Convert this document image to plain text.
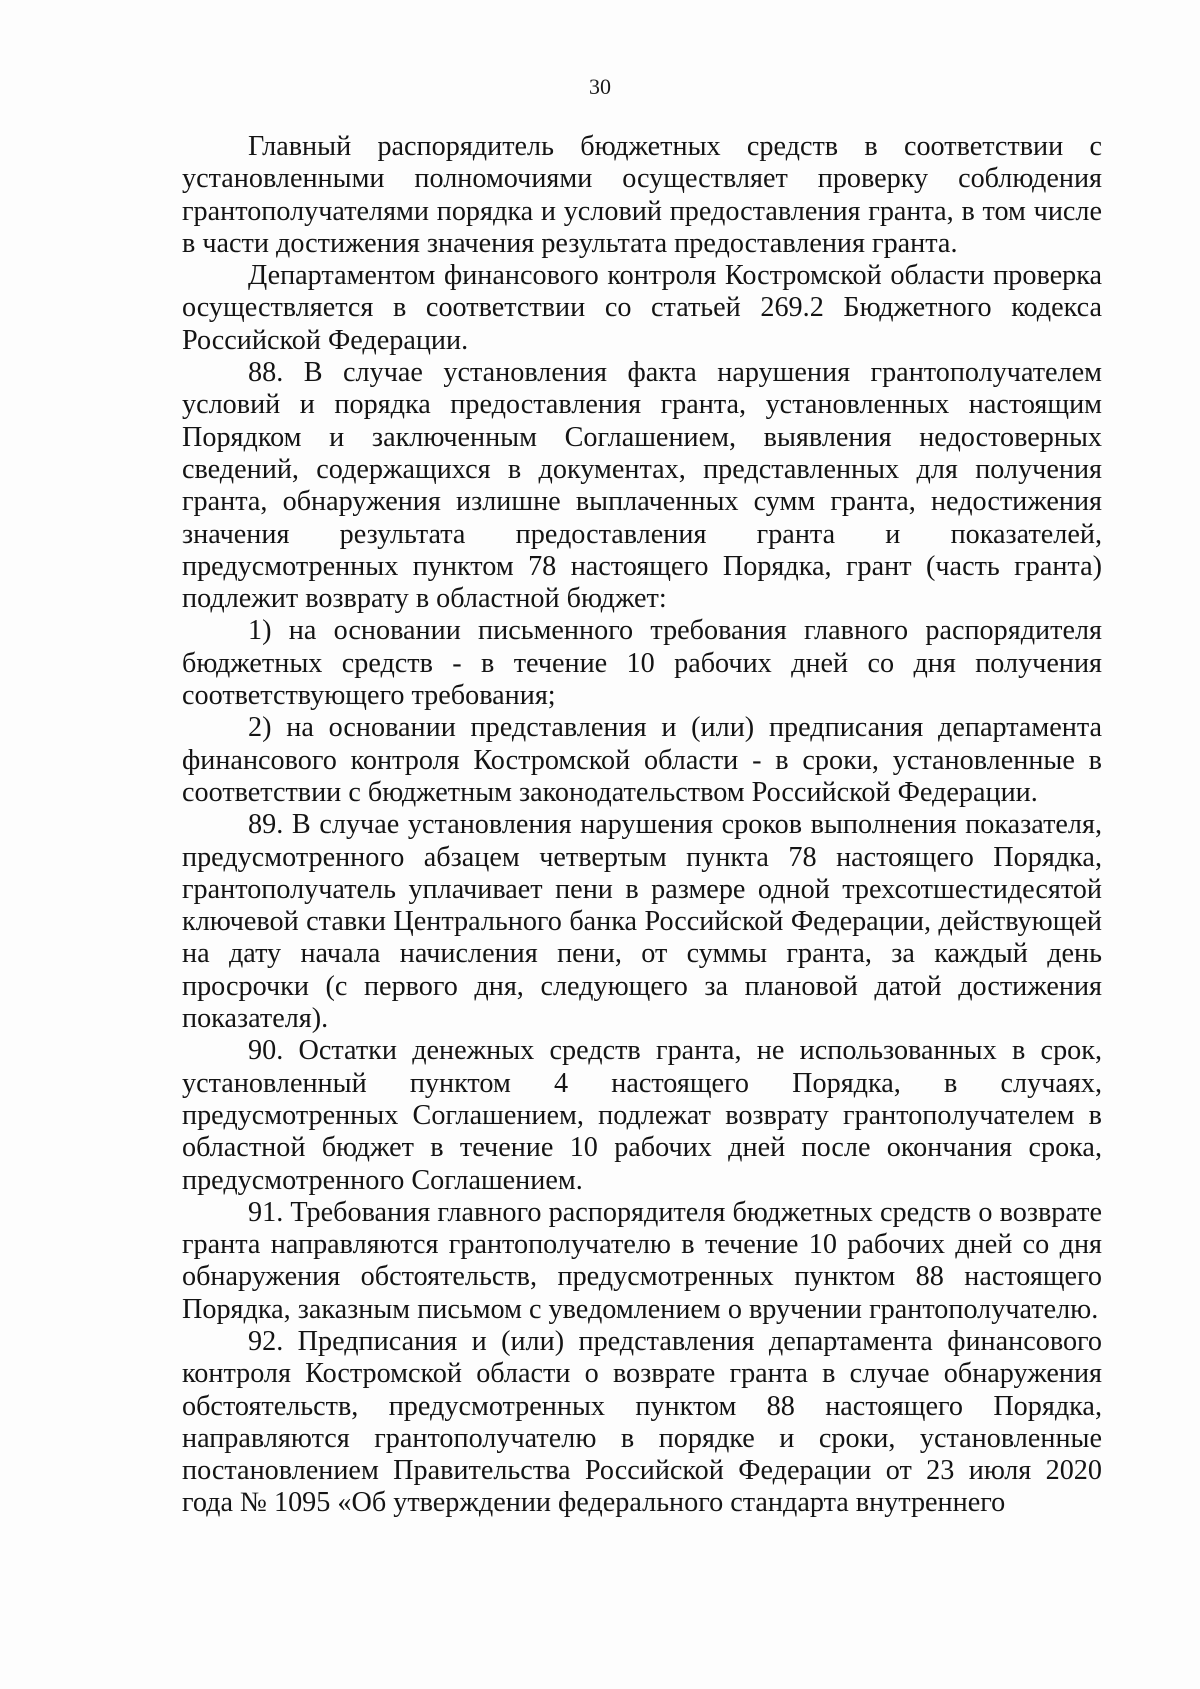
30

Главный распорядитель бюджетных средств в соответствии с установленными полномочиями осуществляет проверку соблюдения грантополучателями порядка и условий предоставления гранта, в том числе в части достижения значения результата предоставления гранта.

Департаментом финансового контроля Костромской области проверка осуществляется в соответствии со статьей 269.2 Бюджетного кодекса Российской Федерации.

88. В случае установления факта нарушения грантополучателем условий и порядка предоставления гранта, установленных настоящим Порядком и заключенным Соглашением, выявления недостоверных сведений, содержащихся в документах, представленных для получения гранта, обнаружения излишне выплаченных сумм гранта, недостижения значения результата предоставления гранта и показателей, предусмотренных пунктом 78 настоящего Порядка, грант (часть гранта) подлежит возврату в областной бюджет:

1) на основании письменного требования главного распорядителя бюджетных средств - в течение 10 рабочих дней со дня получения соответствующего требования;

2) на основании представления и (или) предписания департамента финансового контроля Костромской области - в сроки, установленные в соответствии с бюджетным законодательством Российской Федерации.

89. В случае установления нарушения сроков выполнения показателя, предусмотренного абзацем четвертым пункта 78 настоящего Порядка, грантополучатель уплачивает пени в размере одной трехсотшестидесятой ключевой ставки Центрального банка Российской Федерации, действующей на дату начала начисления пени, от суммы гранта, за каждый день просрочки (с первого дня, следующего за плановой датой достижения показателя).

90. Остатки денежных средств гранта, не использованных в срок, установленный пунктом 4 настоящего Порядка, в случаях, предусмотренных Соглашением, подлежат возврату грантополучателем в областной бюджет в течение 10 рабочих дней после окончания срока, предусмотренного Соглашением.

91. Требования главного распорядителя бюджетных средств о возврате гранта направляются грантополучателю в течение 10 рабочих дней со дня обнаружения обстоятельств, предусмотренных пунктом 88 настоящего Порядка, заказным письмом с уведомлением о вручении грантополучателю.

92. Предписания и (или) представления департамента финансового контроля Костромской области о возврате гранта в случае обнаружения обстоятельств, предусмотренных пунктом 88 настоящего Порядка, направляются грантополучателю в порядке и сроки, установленные постановлением Правительства Российской Федерации от 23 июля 2020 года № 1095 «Об утверждении федерального стандарта внутреннего
